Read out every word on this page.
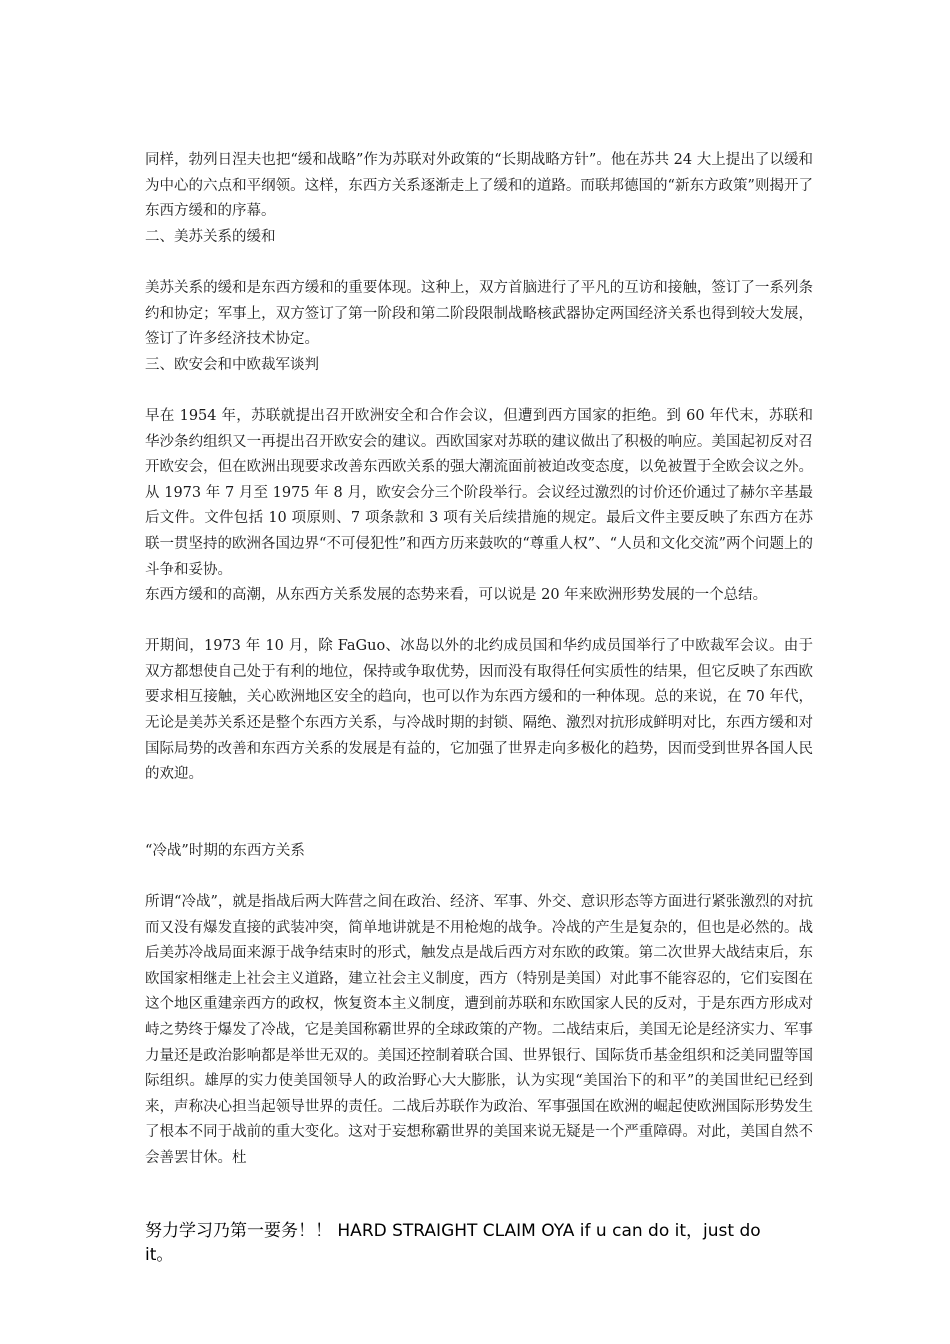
同样，勃列日涅夫也把“缓和战略”作为苏联对外政策的“长期战略方针”。他在苏共 24 大上提出了以缓和为中心的六点和平纲领。这样，东西方关系逐渐走上了缓和的道路。而联邦德国的“新东方政策”则揭开了东西方缓和的序幕。

二、美苏关系的缓和

美苏关系的缓和是东西方缓和的重要体现。这种上，双方首脑进行了平凡的互访和接触，签订了一系列条约和协定；军事上，双方签订了第一阶段和第二阶段限制战略核武器协定两国经济关系也得到较大发展，签订了许多经济技术协定。

三、欧安会和中欧裁军谈判

早在 1954 年，苏联就提出召开欧洲安全和合作会议，但遭到西方国家的拒绝。到 60 年代末，苏联和华沙条约组织又一再提出召开欧安会的建议。西欧国家对苏联的建议做出了积极的响应。美国起初反对召开欧安会，但在欧洲出现要求改善东西欧关系的强大潮流面前被迫改变态度，以免被置于全欧会议之外。从 1973 年 7 月至 1975 年 8 月，欧安会分三个阶段举行。会议经过激烈的讨价还价通过了赫尔辛基最后文件。文件包括 10 项原则、7 项条款和 3 项有关后续措施的规定。最后文件主要反映了东西方在苏联一贯坚持的欧洲各国边界“不可侵犯性”和西方历来鼓吹的“尊重人权”、“人员和文化交流”两个问题上的斗争和妥协。

东西方缓和的高潮，从东西方关系发展的态势来看，可以说是 20 年来欧洲形势发展的一个总结。

开期间，1973 年 10 月，除 FaGuo、冰岛以外的北约成员国和华约成员国举行了中欧裁军会议。由于双方都想使自己处于有利的地位，保持或争取优势，因而没有取得任何实质性的结果，但它反映了东西欧要求相互接触，关心欧洲地区安全的趋向，也可以作为东西方缓和的一种体现。总的来说，在 70 年代，无论是美苏关系还是整个东西方关系，与冷战时期的封锁、隔绝、激烈对抗形成鲜明对比，东西方缓和对国际局势的改善和东西方关系的发展是有益的，它加强了世界走向多极化的趋势，因而受到世界各国人民的欢迎。

“冷战”时期的东西方关系

所谓“冷战”，就是指战后两大阵营之间在政治、经济、军事、外交、意识形态等方面进行紧张激烈的对抗而又没有爆发直接的武装冲突，简单地讲就是不用枪炮的战争。冷战的产生是复杂的，但也是必然的。战后美苏冷战局面来源于战争结束时的形式，触发点是战后西方对东欧的政策。第二次世界大战结束后，东欧国家相继走上社会主义道路，建立社会主义制度，西方（特别是美国）对此事不能容忍的，它们妄图在这个地区重建亲西方的政权，恢复资本主义制度，遭到前苏联和东欧国家人民的反对，于是东西方形成对峙之势终于爆发了冷战，它是美国称霸世界的全球政策的产物。二战结束后，美国无论是经济实力、军事力量还是政治影响都是举世无双的。美国还控制着联合国、世界银行、国际货币基金组织和泛美同盟等国际组织。雄厚的实力使美国领导人的政治野心大大膨胀，认为实现“美国治下的和平”的美国世纪已经到来，声称决心担当起领导世界的责任。二战后苏联作为政治、军事强国在欧洲的崛起使欧洲国际形势发生了根本不同于战前的重大变化。这对于妄想称霸世界的美国来说无疑是一个严重障碍。对此，美国自然不会善罢甘休。杜

努力学习乃第一要务！！ HARD STRAIGHT CLAIM OYA if u can do it，just do it。
